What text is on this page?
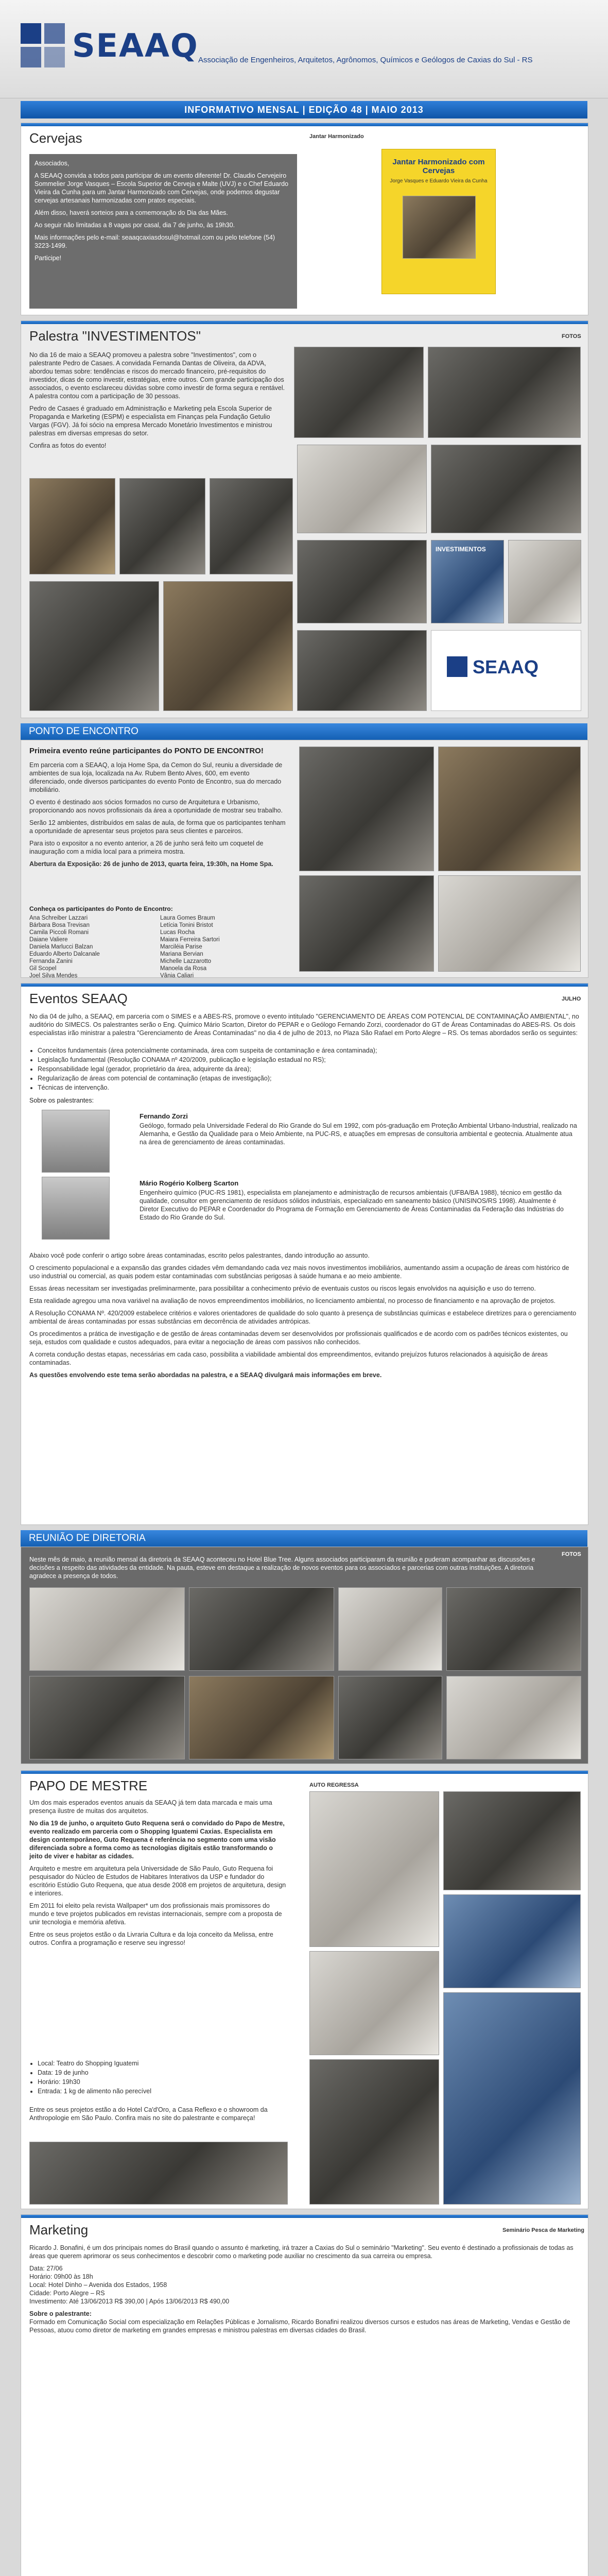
SEAAQ Associação de Engenheiros, Arquitetos, Agrônomos, Químicos e Geólogos de Caxias do Sul - RS
INFORMATIVO MENSAL | EDIÇÃO 48 | MAIO 2013
Cervejas	Jantar Harmonizado

Associados,

A SEAAQ convida a todos para participar de um evento diferente! Dr. Claudio Cervejeiro Sommelier Jorge Vasques – Escola Superior de Cerveja e Malte (UVJ) e o Chef Eduardo Vieira da Cunha para um Jantar Harmonizado com Cervejas, onde podemos degustar cervejas artesanais harmonizadas com pratos especiais.

Além disso, haverá sorteios para a comemoração do Dia das Mães.

Ao seguir não limitadas a 8 vagas por casal, dia 7 de junho, às 19h30.

Mais informações pelo e-mail: seaaqcaxiasdosul@hotmail.com ou pelo telefone (54) 3223-1499.

Participe!

Jantar Harmonizado com Cervejas
Jorge Vasques e Eduardo Vieira da Cunha
Palestra "INVESTIMENTOS"	FOTOS

No dia 16 de maio a SEAAQ promoveu a palestra sobre "Investimentos", com o palestrante Pedro de Casaes. A convidada Fernanda Dantas de Oliveira, da ADVA, abordou temas sobre: tendências e riscos do mercado financeiro, pré-requisitos do investidor, dicas de como investir, estratégias, entre outros. Com grande participação dos associados, o evento esclareceu dúvidas sobre como investir de forma segura e rentável. A palestra contou com a participação de 30 pessoas.

Pedro de Casaes é graduado em Administração e Marketing pela Escola Superior de Propaganda e Marketing (ESPM) e especialista em Finanças pela Fundação Getulio Vargas (FGV). Já foi sócio na empresa Mercado Monetário Investimentos e ministrou palestras em diversas empresas do setor.

Confira as fotos do evento!

INVESTIMENTOS
SEAAQ
PONTO DE ENCONTRO
Primeira evento reúne participantes do PONTO DE ENCONTRO!

Em parceria com a SEAAQ, a loja Home Spa, da Cemon do Sul, reuniu a diversidade de ambientes de sua loja, localizada na Av. Rubem Bento Alves, 600, em evento diferenciado, onde diversos participantes do evento Ponto de Encontro, sua do mercado imobiliário.

O evento é destinado aos sócios formados no curso de Arquitetura e Urbanismo, proporcionando aos novos profissionais da área a oportunidade de mostrar seu trabalho.

Serão 12 ambientes, distribuídos em salas de aula, de forma que os participantes tenham a oportunidade de apresentar seus projetos para seus clientes e parceiros.

Para isto o expositor a no evento anterior, a 26 de junho será feito um coquetel de inauguração com a mídia local para a primeira mostra.

Abertura da Exposição: 26 de junho de 2013, quarta feira, 19:30h, na Home Spa.

Conheça os participantes do Ponto de Encontro:
Ana Schreiber Lazzari
Bárbara Bosa Trevisan
Camila Piccoli Romani
Daiane Valiere
Daniela Marlucci Balzan
Eduardo Alberto Dalcanale
Fernanda Zanini
Gil Scopel
Joel Silva Mendes
Laura Gomes Braum
Letícia Tonini Bristot
Lucas Rocha
Maiara Ferreira Sartori
Marciléia Parise
Mariana Bervian
Michelle Lazzarotto
Manoela da Rosa
Vânia Caliari
Eventos SEAAQ	JULHO
No dia 04 de julho, a SEAAQ, em parceria com o SIMES e a ABES-RS, promove o evento intitulado "GERENCIAMENTO DE ÁREAS COM POTENCIAL DE CONTAMINAÇÃO AMBIENTAL", no auditório do SIMECS. Os palestrantes serão o Eng. Químico Mário Scarton, Diretor do PEPAR e o Geólogo Fernando Zorzi, coordenador do GT de Áreas Contaminadas do ABES-RS. Os dois especialistas irão ministrar a palestra "Gerenciamento de Áreas Contaminadas" no dia 4 de julho de 2013, no Plaza São Rafael em Porto Alegre – RS. Os temas abordados serão os seguintes:
• Conceitos fundamentais (área potencialmente contaminada, área com suspeita de contaminação e área contaminada);
• Legislação fundamental (Resolução CONAMA nº 420/2009, publicação e legislação estadual no RS);
• Responsabilidade legal (gerador, proprietário da área, adquirente da área);
• Regularização de áreas com potencial de contaminação (etapas de investigação);
• Técnicas de intervenção.
Sobre os palestrantes:
Fernando Zorzi
Geólogo, formado pela Universidade Federal do Rio Grande do Sul em 1992, com pós-graduação em Proteção Ambiental Urbano-Industrial, realizado na Alemanha, e Gestão da Qualidade para o Meio Ambiente, na PUC-RS, e atuações em empresas de consultoria ambiental e geotecnia. Atualmente atua na área de gerenciamento de áreas contaminadas.
Mário Rogério Kolberg Scarton
Engenheiro químico (PUC-RS 1981), especialista em planejamento e administração de recursos ambientais (UFBA/BA 1988), técnico em gestão da qualidade, consultor em gerenciamento de resíduos sólidos industriais, especializado em saneamento básico (UNISINOS/RS 1998). Atualmente é Diretor Executivo do PEPAR e Coordenador do Programa de Formação em Gerenciamento de Áreas Contaminadas da Federação das Indústrias do Estado do Rio Grande do Sul.

Abaixo você pode conferir o artigo sobre áreas contaminadas, escrito pelos palestrantes, dando introdução ao assunto.

O crescimento populacional e a expansão das grandes cidades vêm demandando cada vez mais novos investimentos imobiliários, aumentando assim a ocupação de áreas com histórico de uso industrial ou comercial, as quais podem estar contaminadas com substâncias perigosas à saúde humana e ao meio ambiente.

Essas áreas necessitam ser investigadas preliminarmente, para possibilitar a conhecimento prévio de eventuais custos ou riscos legais envolvidos na aquisição e uso do terreno.

Esta realidade agregou uma nova variável na avaliação de novos empreendimentos imobiliários, no licenciamento ambiental, no processo de financiamento e na aprovação de projetos.

A Resolução CONAMA Nº. 420/2009 estabelece critérios e valores orientadores de qualidade do solo quanto à presença de substâncias químicas e estabelece diretrizes para o gerenciamento ambiental de áreas contaminadas por essas substâncias em decorrência de atividades antrópicas.

Os procedimentos a prática de investigação e de gestão de áreas contaminadas devem ser desenvolvidos por profissionais qualificados e de acordo com os padrões técnicos existentes, ou seja, estudos com qualidade e custos adequados, para evitar a negociação de áreas com passivos não conhecidos.

A correta condução destas etapas, necessárias em cada caso, possibilita a viabilidade ambiental dos empreendimentos, evitando prejuízos futuros relacionados à aquisição de áreas contaminadas.

As questões envolvendo este tema serão abordadas na palestra, e a SEAAQ divulgará mais informações em breve.

REUNIÃO DE DIRETORIA
FOTOS
Neste mês de maio, a reunião mensal da diretoria da SEAAQ aconteceu no Hotel Blue Tree. Alguns associados participaram da reunião e puderam acompanhar as discussões e decisões a respeito das atividades da entidade. Na pauta, esteve em destaque a realização de novos eventos para os associados e parcerias com outras instituições. A diretoria agradece a presença de todos.
PAPO DE MESTRE	AUTO REGRESSA

Um dos mais esperados eventos anuais da SEAAQ já tem data marcada e mais uma presença ilustre de muitas dos arquitetos.

No dia 19 de junho, o arquiteto Guto Requena será o convidado do Papo de Mestre, evento realizado em parceria com o Shopping Iguatemi Caxias. Especialista em design contemporâneo, Guto Requena é referência no segmento com uma visão diferenciada sobre a forma como as tecnologias digitais estão transformando o jeito de viver e habitar as cidades.

Arquiteto e mestre em arquitetura pela Universidade de São Paulo, Guto Requena foi pesquisador do Núcleo de Estudos de Habitares Interativos da USP e fundador do escritório Estúdio Guto Requena, que atua desde 2008 em projetos de arquitetura, design e interiores.

Em 2011 foi eleito pela revista Wallpaper* um dos profissionais mais promissores do mundo e teve projetos publicados em revistas internacionais, sempre com a proposta de unir tecnologia e memória afetiva.

Entre os seus projetos estão o da Livraria Cultura e da loja conceito da Melissa, entre outros. Confira a programação e reserve seu ingresso!

• Local: Teatro do Shopping Iguatemi
• Data: 19 de junho
• Horário: 19h30
• Entrada: 1 kg de alimento não perecível
Entre os seus projetos estão a do Hotel Ca'd'Oro, a Casa Reflexo e o showroom da Anthropologie em São Paulo. Confira mais no site do palestrante e compareça!
Marketing	Seminário Pesca de Marketing

Ricardo J. Bonafini, é um dos principais nomes do Brasil quando o assunto é marketing, irá trazer a Caxias do Sul o seminário "Marketing". Seu evento é destinado a profissionais de todas as áreas que querem aprimorar os seus conhecimentos e descobrir como o marketing pode auxiliar no crescimento da sua carreira ou empresa.

Data: 27/06

Horário: 09h00 às 18h

Local: Hotel Dinho – Avenida dos Estados, 1958

Cidade: Porto Alegre – RS

Investimento: Até 13/06/2013 R$ 390,00 | Após 13/06/2013 R$ 490,00

Sobre o palestrante:

Formado em Comunicação Social com especialização em Relações Públicas e Jornalismo, Ricardo Bonafini realizou diversos cursos e estudos nas áreas de Marketing, Vendas e Gestão de Pessoas, atuou como diretor de marketing em grandes empresas e ministrou palestras em diversas cidades do Brasil.
